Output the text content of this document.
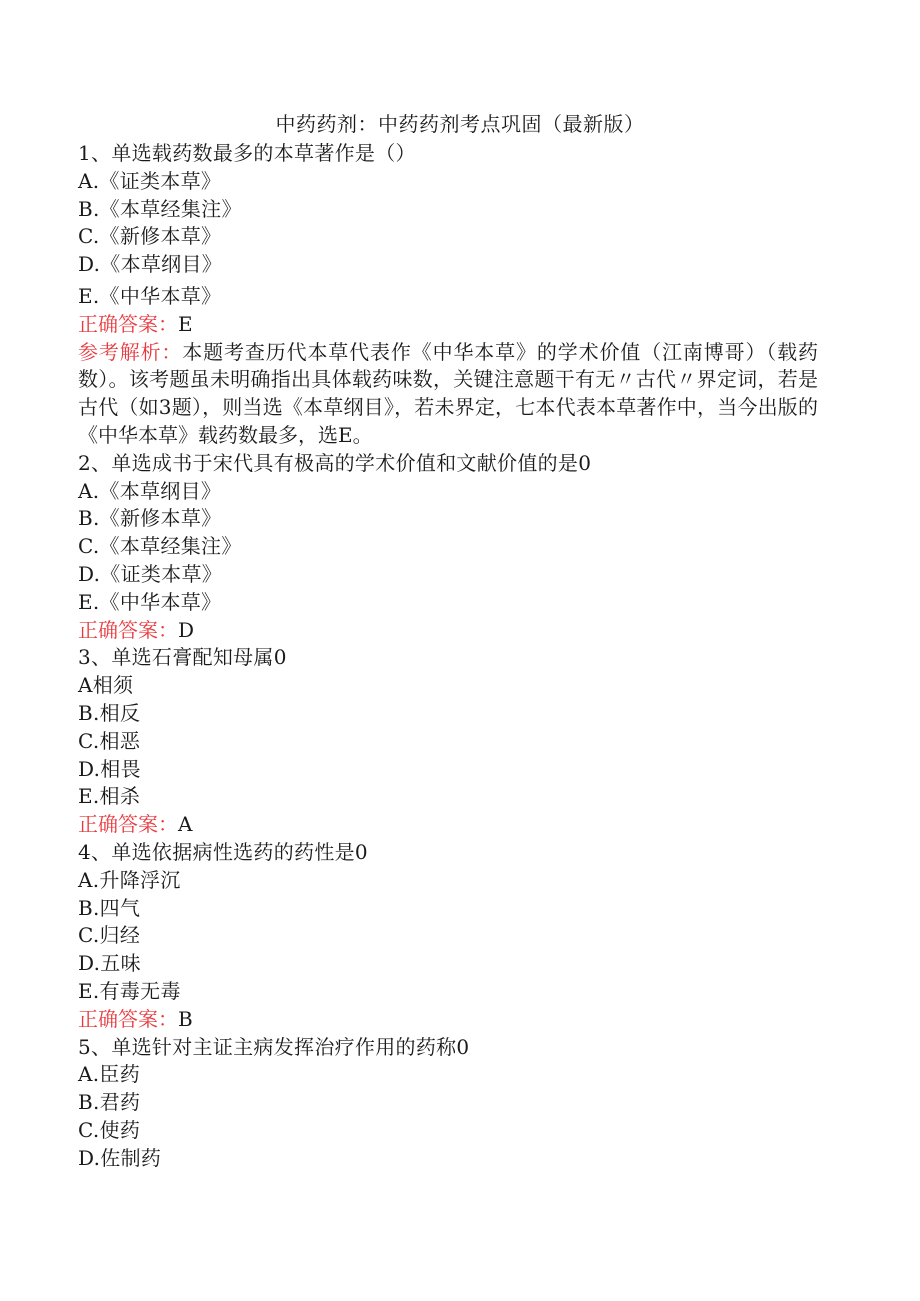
中药药剂：中药药剂考点巩固（最新版）
1、单选载药数最多的本草著作是（）
A.《证类本草》
B.《本草经集注》
C.《新修本草》
D.《本草纲目》
E.《中华本草》
正确答案：E
参考解析：本题考查历代本草代表作《中华本草》的学术价值（江南博哥）（载药数）。该考题虽未明确指出具体载药味数，关键注意题干有无〃古代〃界定词，若是古代（如3题），则当选《本草纲目》，若未界定，七本代表本草著作中，当今出版的《中华本草》载药数最多，选E。
2、单选成书于宋代具有极高的学术价值和文献价值的是0
A.《本草纲目》
B.《新修本草》
C.《本草经集注》
D.《证类本草》
E.《中华本草》
正确答案：D
3、单选石膏配知母属0
A相须
B.相反
C.相恶
D.相畏
E.相杀
正确答案：A
4、单选依据病性选药的药性是0
A.升降浮沉
B.四气
C.归经
D.五味
E.有毒无毒
正确答案：B
5、单选针对主证主病发挥治疗作用的药称0
A.臣药
B.君药
C.使药
D.佐制药
